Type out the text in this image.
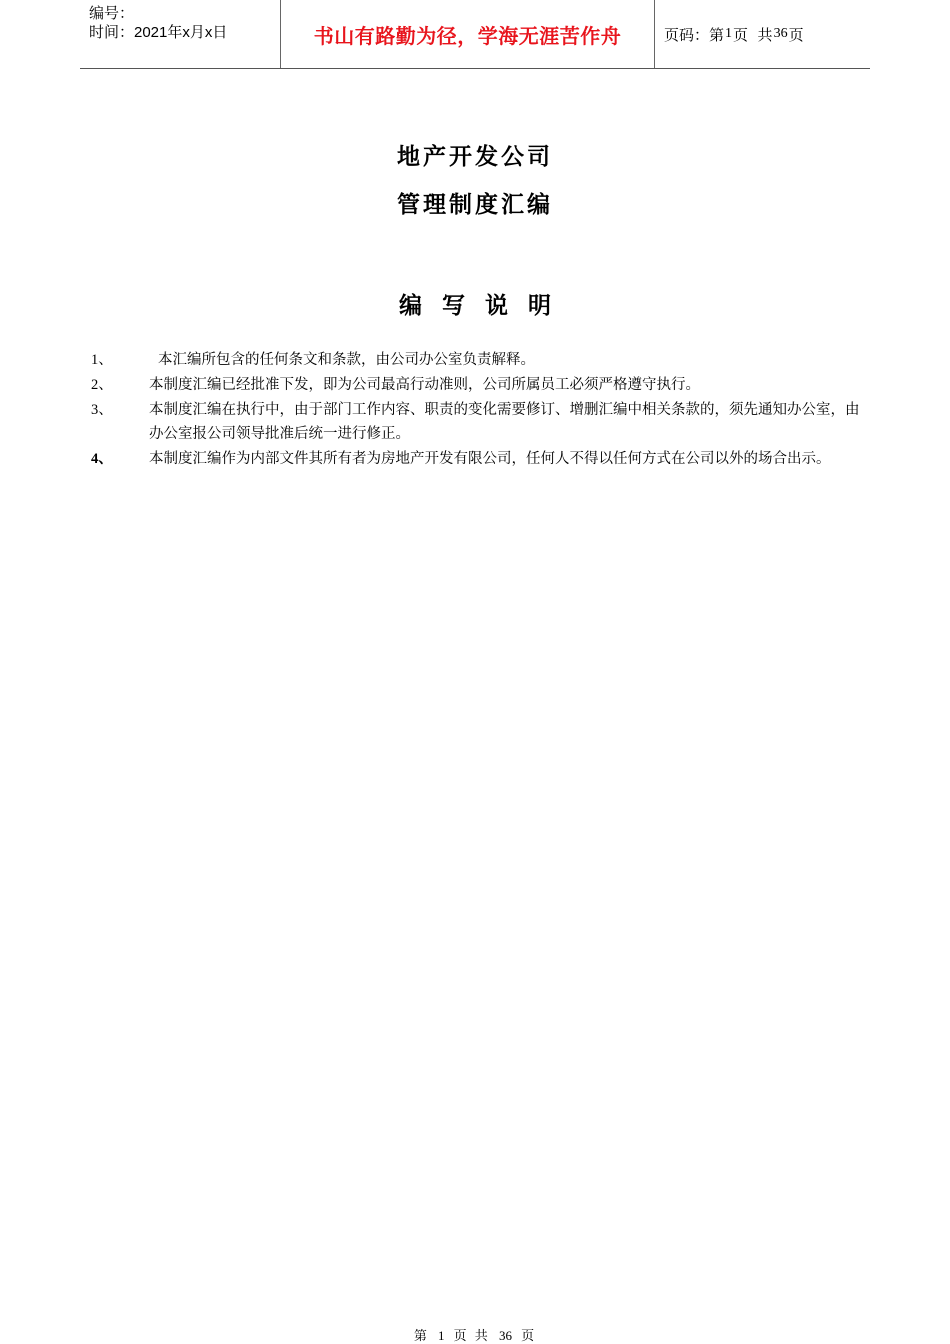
编号：
时间：2021年x月x日	书山有路勤为径，学海无涯苦作舟	页码：第 1 页  共 36 页
地产开发公司
管理制度汇编
编写说明
1、	本汇编所包含的任何条文和条款，由公司办公室负责解释。
2、	本制度汇编已经批准下发，即为公司最高行动准则，公司所属员工必须严格遵守执行。
3、	本制度汇编在执行中，由于部门工作内容、职责的变化需要修订、增删汇编中相关条款的，须先通知办公室，由办公室报公司领导批准后统一进行修正。
4、	本制度汇编作为内部文件其所有者为房地产开发有限公司，任何人不得以任何方式在公司以外的场合出示。
第 1 页 共 36 页
